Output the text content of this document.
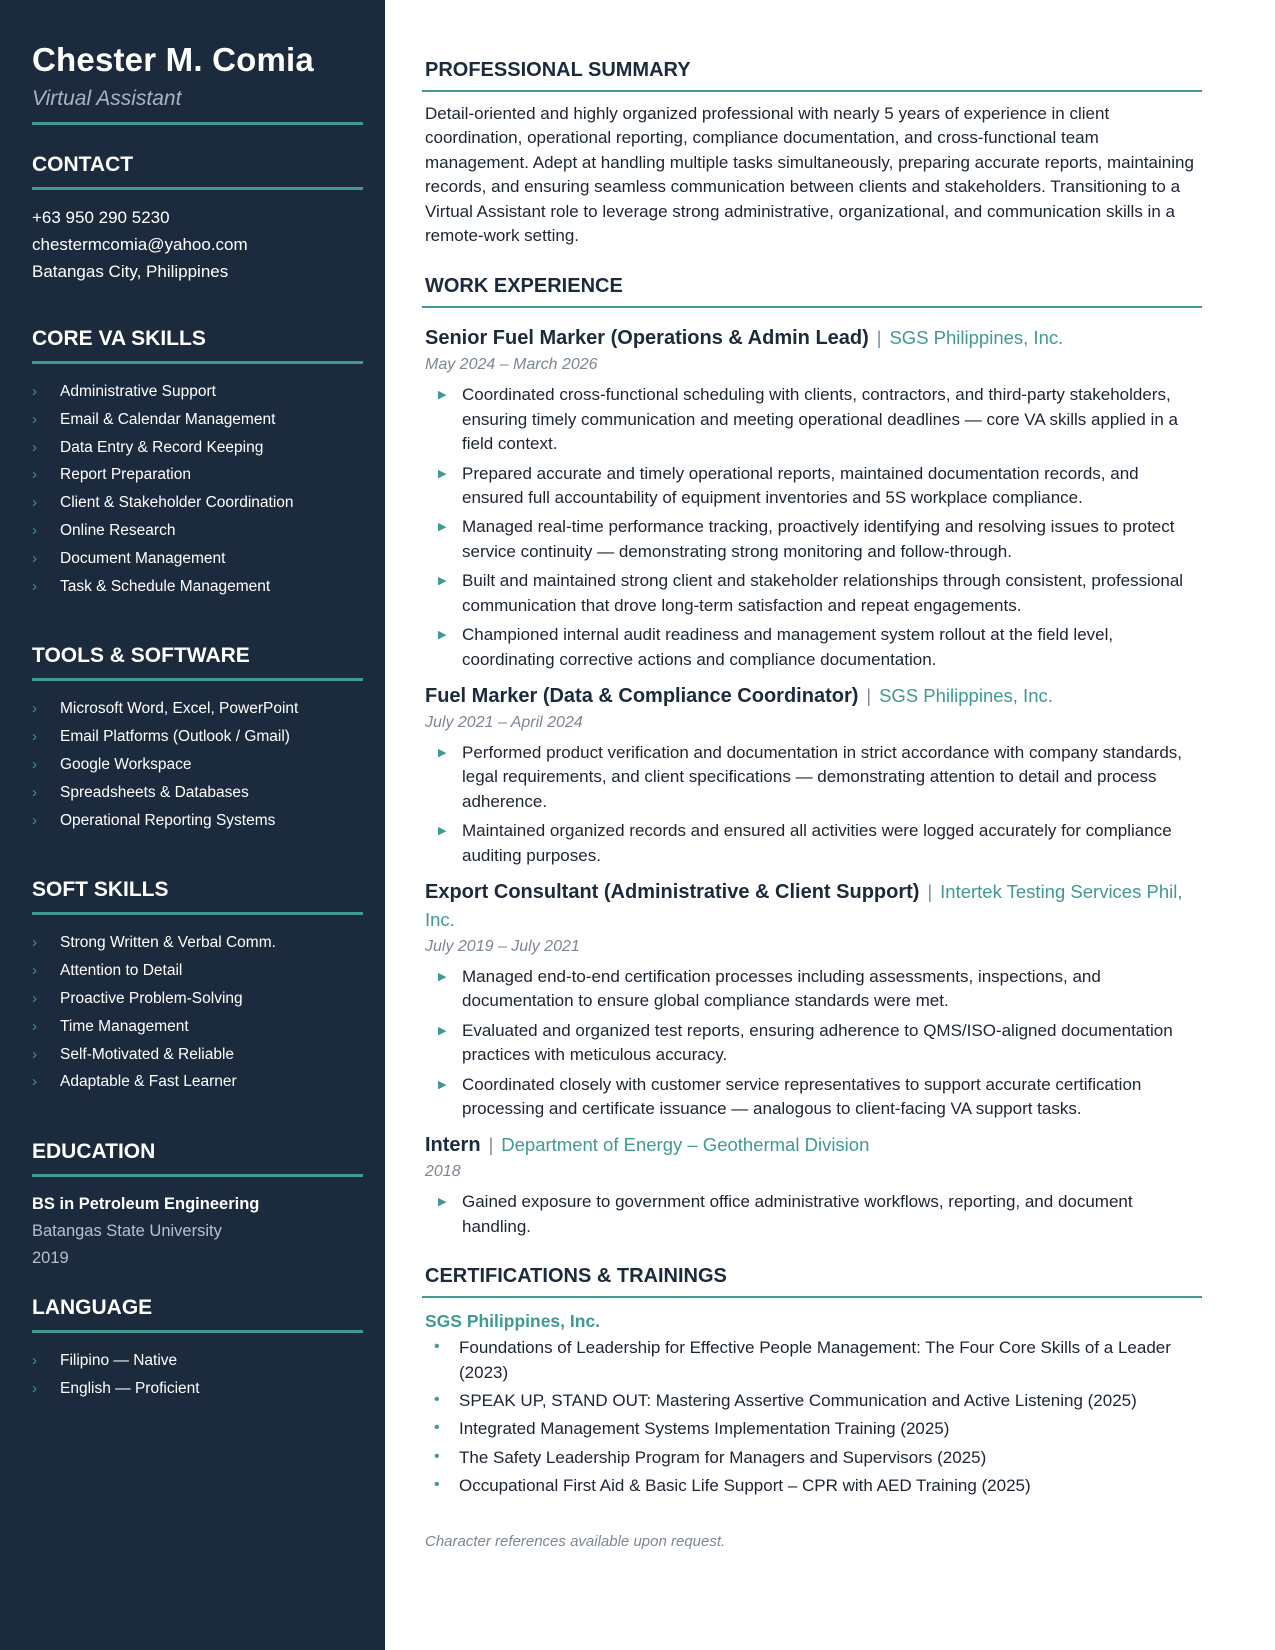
Chester M. Comia
Virtual Assistant
CONTACT
+63 950 290 5230
chestermcomia@yahoo.com
Batangas City, Philippines
CORE VA SKILLS
›	Administrative Support
›	Email & Calendar Management
›	Data Entry & Record Keeping
›	Report Preparation
›	Client & Stakeholder Coordination
›	Online Research
›	Document Management
›	Task & Schedule Management
TOOLS & SOFTWARE
›	Microsoft Word, Excel, PowerPoint
›	Email Platforms (Outlook / Gmail)
›	Google Workspace
›	Spreadsheets & Databases
›	Operational Reporting Systems
SOFT SKILLS
›	Strong Written & Verbal Comm.
›	Attention to Detail
›	Proactive Problem-Solving
›	Time Management
›	Self-Motivated & Reliable
›	Adaptable & Fast Learner
EDUCATION
BS in Petroleum Engineering
Batangas State University
2019
LANGUAGE
›	Filipino — Native
›	English — Proficient
PROFESSIONAL SUMMARY

Detail-oriented and highly organized professional with nearly 5 years of experience in client coordination, operational reporting, compliance documentation, and cross-functional team management. Adept at handling multiple tasks simultaneously, preparing accurate reports, maintaining records, and ensuring seamless communication between clients and stakeholders. Transitioning to a Virtual Assistant role to leverage strong administrative, organizational, and communication skills in a remote-work setting.

WORK EXPERIENCE
Senior Fuel Marker (Operations & Admin Lead) | SGS Philippines, Inc.
May 2024 – March 2026
▶ Coordinated cross-functional scheduling with clients, contractors, and third-party stakeholders, ensuring timely communication and meeting operational deadlines — core VA skills applied in a field context.
▶ Prepared accurate and timely operational reports, maintained documentation records, and ensured full accountability of equipment inventories and 5S workplace compliance.
▶ Managed real-time performance tracking, proactively identifying and resolving issues to protect service continuity — demonstrating strong monitoring and follow-through.
▶ Built and maintained strong client and stakeholder relationships through consistent, professional communication that drove long-term satisfaction and repeat engagements.
▶ Championed internal audit readiness and management system rollout at the field level, coordinating corrective actions and compliance documentation.
Fuel Marker (Data & Compliance Coordinator) | SGS Philippines, Inc.
July 2021 – April 2024
▶ Performed product verification and documentation in strict accordance with company standards, legal requirements, and client specifications — demonstrating attention to detail and process adherence.
▶ Maintained organized records and ensured all activities were logged accurately for compliance auditing purposes.
Export Consultant (Administrative & Client Support) | Intertek Testing Services Phil, Inc.
July 2019 – July 2021
▶ Managed end-to-end certification processes including assessments, inspections, and documentation to ensure global compliance standards were met.
▶ Evaluated and organized test reports, ensuring adherence to QMS/ISO-aligned documentation practices with meticulous accuracy.
▶ Coordinated closely with customer service representatives to support accurate certification processing and certificate issuance — analogous to client-facing VA support tasks.
Intern | Department of Energy – Geothermal Division
2018
▶ Gained exposure to government office administrative workflows, reporting, and document handling.
CERTIFICATIONS & TRAININGS
SGS Philippines, Inc.
• Foundations of Leadership for Effective People Management: The Four Core Skills of a Leader (2023)
• SPEAK UP, STAND OUT: Mastering Assertive Communication and Active Listening (2025)
• Integrated Management Systems Implementation Training (2025)
• The Safety Leadership Program for Managers and Supervisors (2025)
• Occupational First Aid & Basic Life Support – CPR with AED Training (2025)
Character references available upon request.
